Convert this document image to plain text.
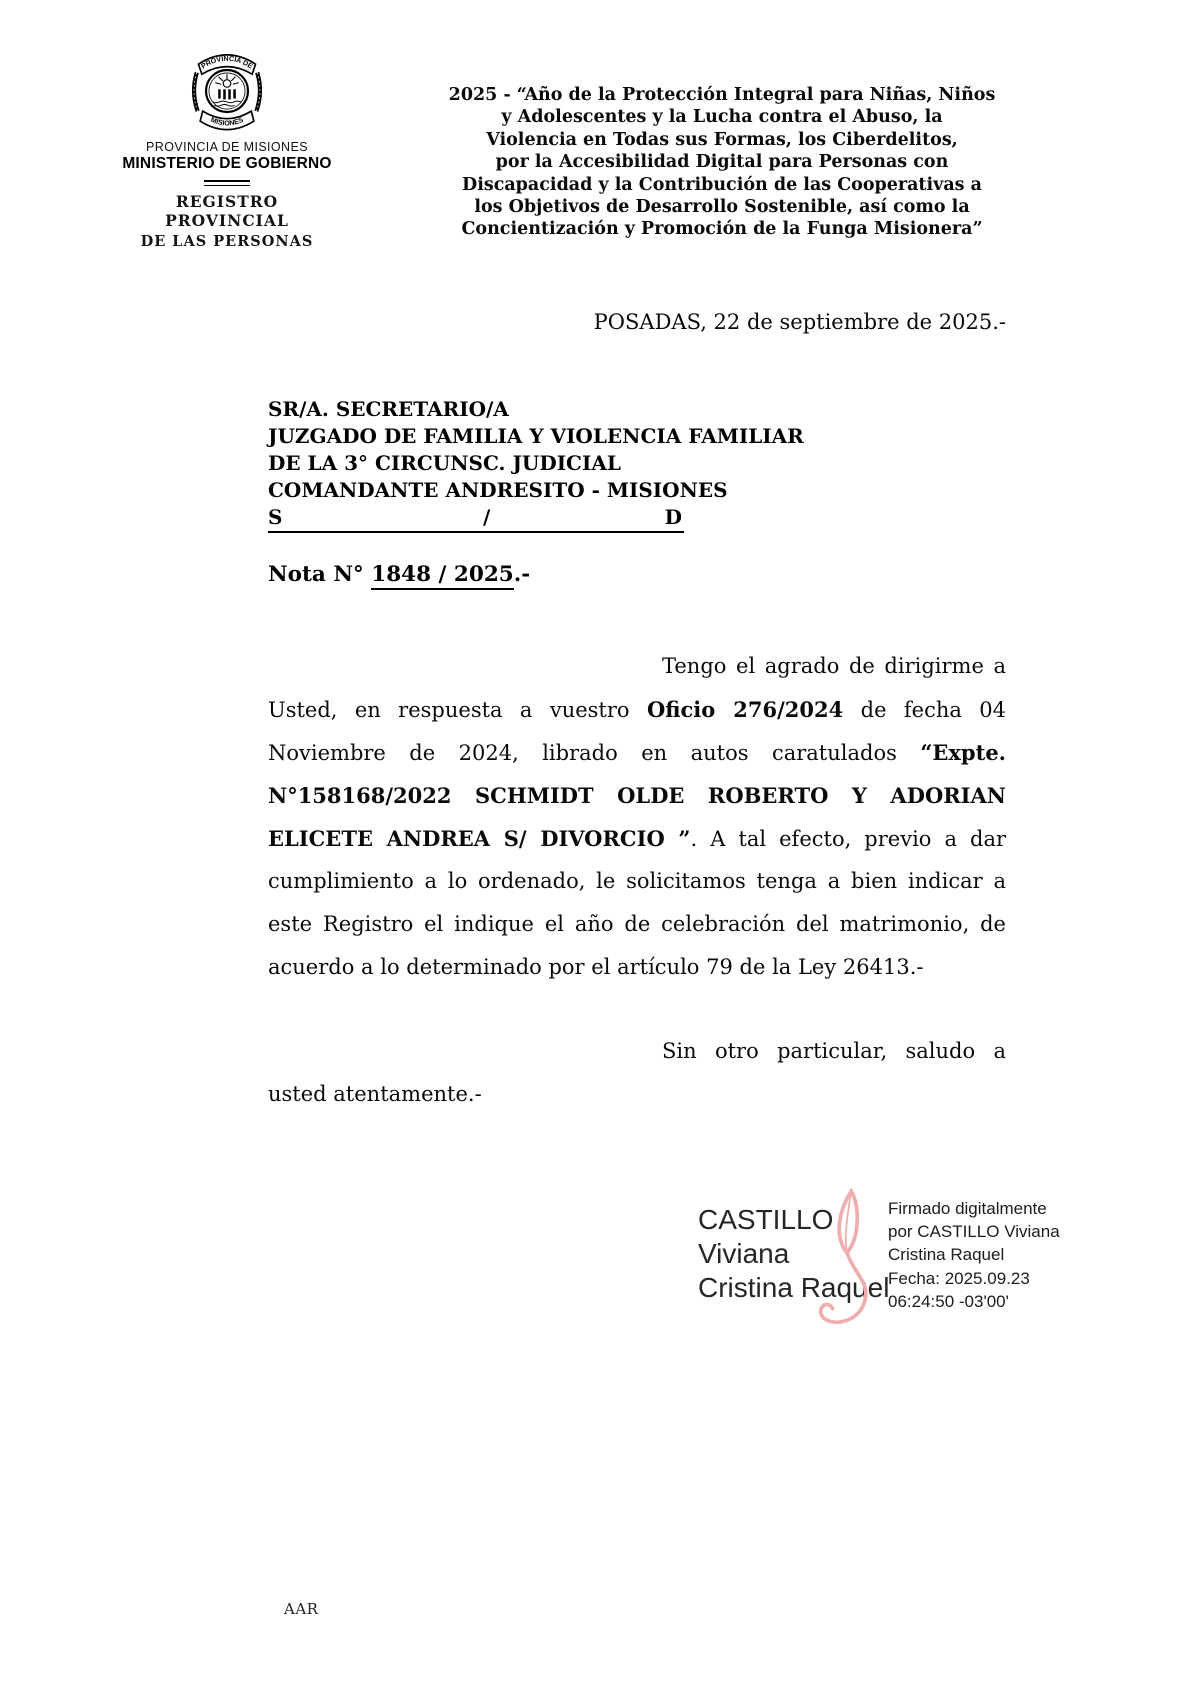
PROVINCIA DE
MISIONES
PROVINCIA DE MISIONES
MINISTERIO DE GOBIERNO
REGISTRO PROVINCIAL
DE LAS PERSONAS
2025 - “Año de la Protección Integral para Niñas, Niños
y Adolescentes y la Lucha contra el Abuso, la
Violencia en Todas sus Formas, los Ciberdelitos,
por la Accesibilidad Digital para Personas con
Discapacidad y la Contribución de las Cooperativas a
los Objetivos de Desarrollo Sostenible, así como la
Concientización y Promoción de la Funga Misionera”
POSADAS, 22 de septiembre de 2025.-
SR/A. SECRETARIO/A
JUZGADO DE FAMILIA Y VIOLENCIA FAMILIAR
DE LA 3° CIRCUNSC. JUDICIAL
COMANDANTE ANDRESITO - MISIONES
S	/	D
Nota N° 1848 / 2025.-
Tengo el agrado de dirigirme a
Usted, en respuesta a vuestro Oficio 276/2024 de fecha 04
Noviembre de 2024, librado en autos caratulados “Expte.
N°158168/2022 SCHMIDT OLDE ROBERTO Y ADORIAN
ELICETE ANDREA S/ DIVORCIO ”. A tal efecto, previo a dar
cumplimiento a lo ordenado, le solicitamos tenga a bien indicar a
este Registro el indique el año de celebración del matrimonio, de
acuerdo a lo determinado por el artículo 79 de la Ley 26413.-
Sin otro particular, saludo a
usted atentamente.-
CASTILLO
Viviana
Cristina Raquel
Firmado digitalmente
por CASTILLO Viviana
Cristina Raquel
Fecha: 2025.09.23
06:24:50 -03'00'
AAR
